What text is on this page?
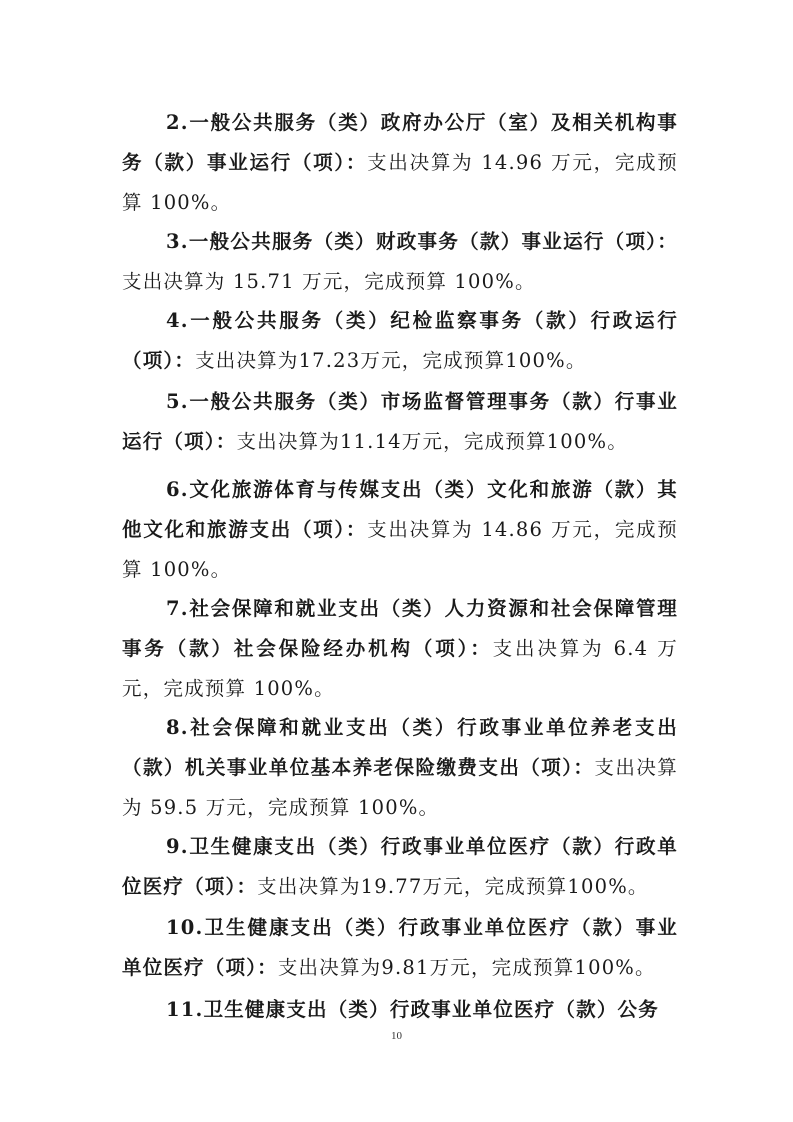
2.一般公共服务（类）政府办公厅（室）及相关机构事务（款）事业运行（项）：支出决算为 14.96 万元，完成预算 100%。

3.一般公共服务（类）财政事务（款）事业运行（项）：支出决算为 15.71 万元，完成预算 100%。

4.一般公共服务（类）纪检监察事务（款）行政运行（项）：支出决算为17.23万元，完成预算100%。

5.一般公共服务（类）市场监督管理事务（款）行事业运行（项）：支出决算为11.14万元，完成预算100%。

6.文化旅游体育与传媒支出（类）文化和旅游（款）其他文化和旅游支出（项）：支出决算为 14.86 万元，完成预算 100%。

7.社会保障和就业支出（类）人力资源和社会保障管理事务（款）社会保险经办机构（项）：支出决算为 6.4 万元，完成预算 100%。

8.社会保障和就业支出（类）行政事业单位养老支出（款）机关事业单位基本养老保险缴费支出（项）：支出决算为 59.5 万元，完成预算 100%。

9.卫生健康支出（类）行政事业单位医疗（款）行政单位医疗（项）：支出决算为19.77万元，完成预算100%。

10.卫生健康支出（类）行政事业单位医疗（款）事业单位医疗（项）：支出决算为9.81万元，完成预算100%。

11.卫生健康支出（类）行政事业单位医疗（款）公务

10
